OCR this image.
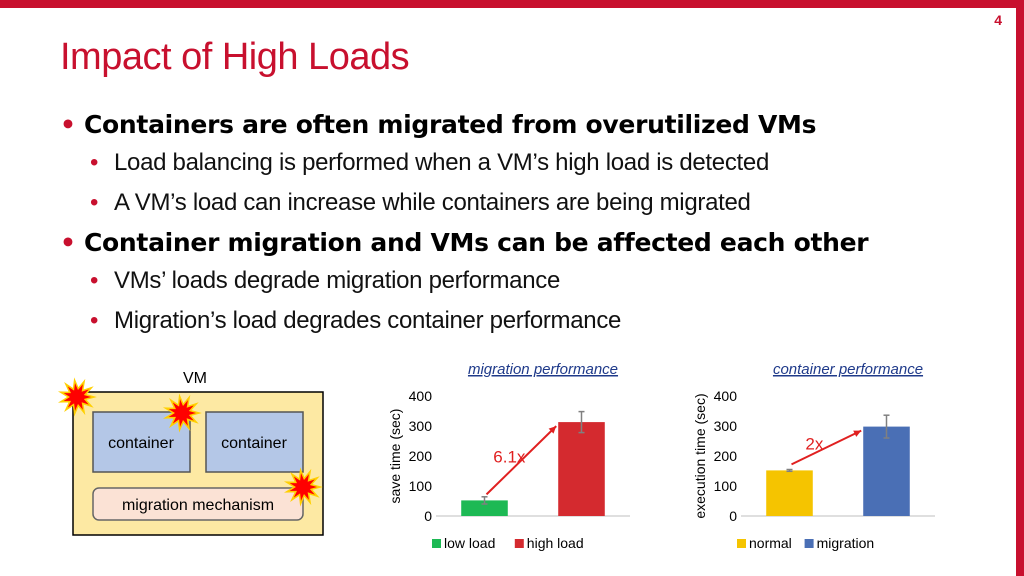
4
Impact of High Loads
• Containers are often migrated from overutilized VMs
• Load balancing is performed when a VM’s high load is detected
• A VM’s load can increase while containers are being migrated
• Container migration and VMs can be affected each other
• VMs’ loads degrade migration performance
• Migration’s load degrades container performance
VM
container	container
migration mechanism
migration performance
save time (sec)
0
100
200
300
400
6.1x
low load high load
container performance
execution time (sec) 0
100
200
300
400
2x
normal migration
